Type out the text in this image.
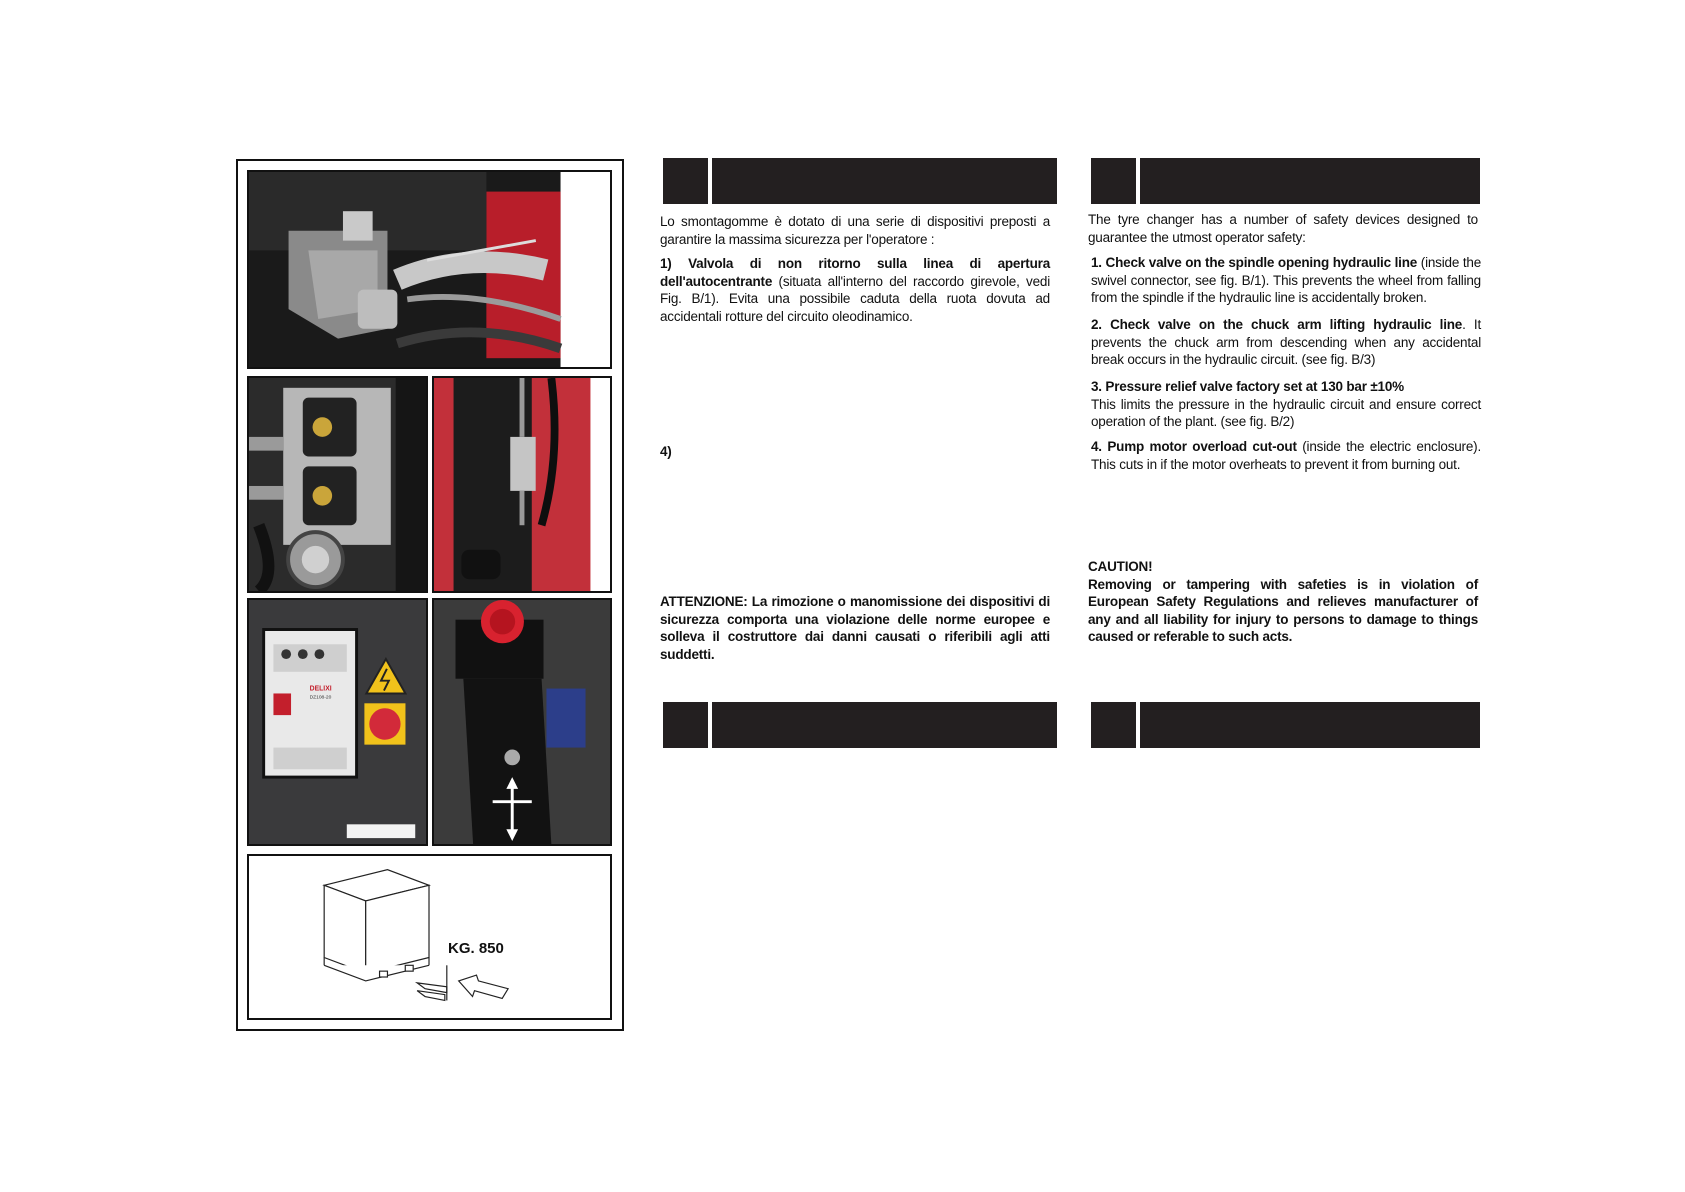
DELIXI
DZ108-20
KG. 850
Lo smontagomme è dotato di una serie di dispositivi preposti a garantire la massima sicurezza per l'operatore :
1) Valvola di non ritorno sulla linea di apertura dell'autocentrante (situata all'interno del raccordo girevole, vedi Fig. B/1). Evita una possibile caduta della ruota dovuta ad accidentali rotture del circuito oleodinamico.
4)
ATTENZIONE: La rimozione o manomissione dei dispositivi di sicurezza comporta una violazione delle norme europee e solleva il costruttore dai danni causati o riferibili agli atti suddetti.
The tyre changer has a number of safety devices designed to guarantee the utmost operator safety:
1. Check valve on the spindle opening hydraulic line (inside the swivel connector, see fig. B/1). This prevents the wheel from falling from the spindle if the hydraulic line is accidentally broken.
2. Check valve on the chuck arm lifting hydraulic line. It prevents the chuck arm from descending when any accidental break occurs in the hydraulic circuit. (see fig. B/3)
3. Pressure relief valve factory set at 130 bar ±10%
This limits the pressure in the hydraulic circuit and ensure correct operation of the plant. (see fig. B/2)
4. Pump motor overload cut-out (inside the electric enclosure). This cuts in if the motor overheats to prevent it from burning out.
CAUTION!
Removing or tampering with safeties is in violation of European Safety Regulations and relieves manufacturer of any and all liability for injury to persons to damage to things caused or referable to such acts.
